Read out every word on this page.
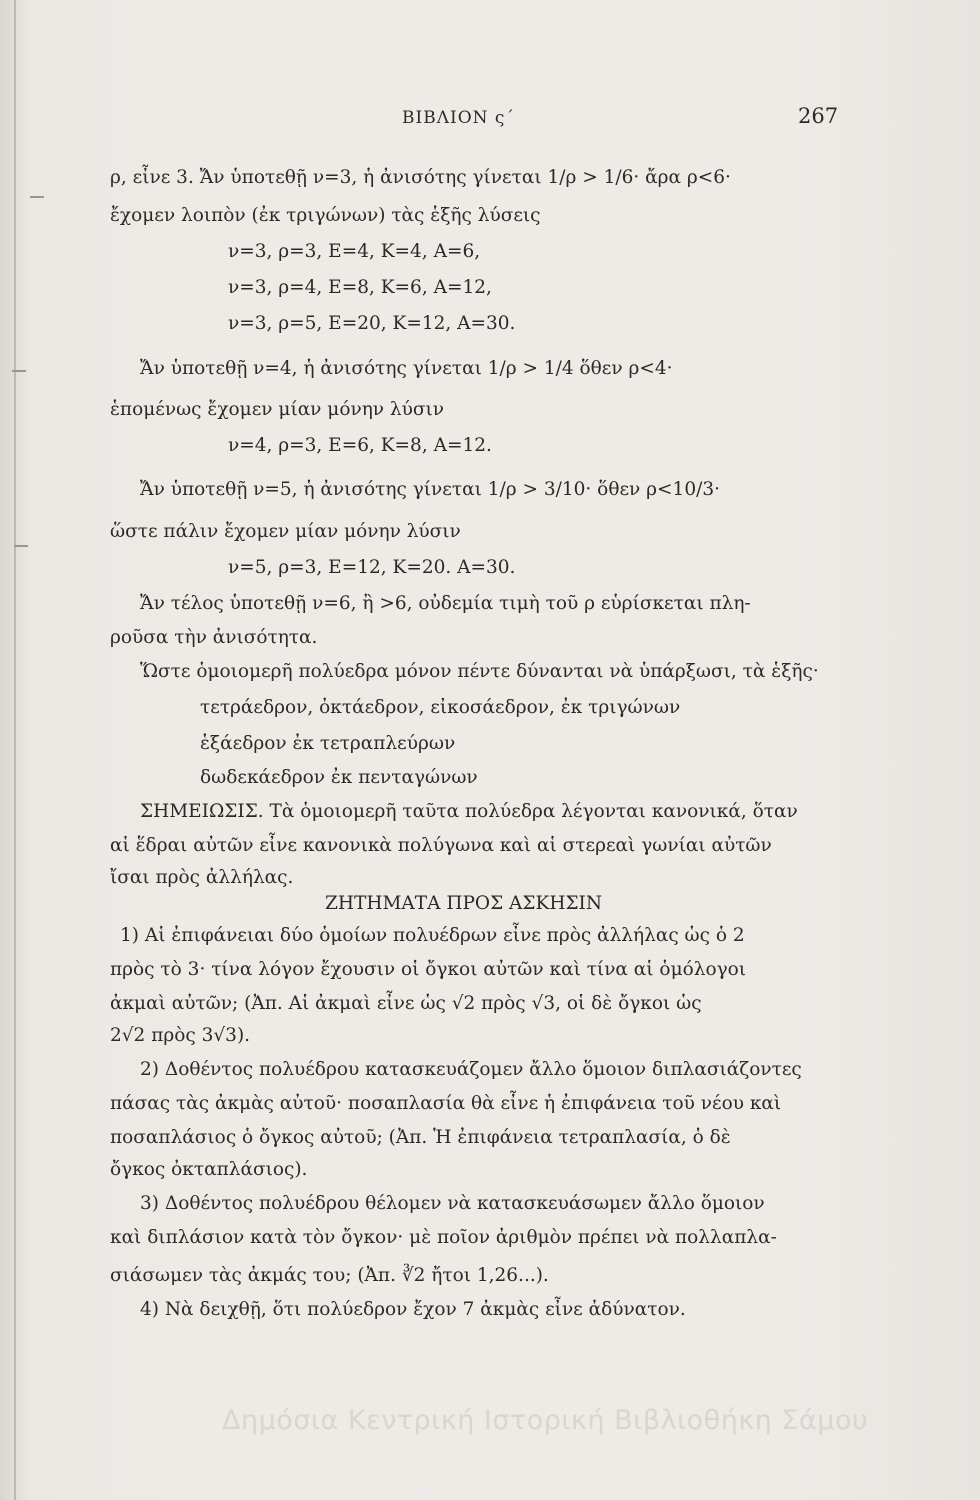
ΒΙΒΛΙΟΝ ς΄	267
ρ, εἶνε 3. Ἄν ὑποτεθῇ ν=3, ἡ ἀνισότης γίνεται 1/ρ > 1/6· ἄρα ρ<6·
ἔχομεν λοιπὸν (ἐκ τριγώνων) τὰς ἑξῆς λύσεις
ν=3, ρ=3, Ε=4, Κ=4, Α=6,
ν=3, ρ=4, Ε=8, Κ=6, Α=12,
ν=3, ρ=5, Ε=20, Κ=12, Α=30.
Ἄν ὑποτεθῇ ν=4, ἡ ἀνισότης γίνεται 1/ρ > 1/4 ὅθεν ρ<4·
ἑπομένως ἔχομεν μίαν μόνην λύσιν
ν=4, ρ=3, Ε=6, Κ=8, Α=12.
Ἄν ὑποτεθῇ ν=5, ἡ ἀνισότης γίνεται 1/ρ > 3/10· ὅθεν ρ<10/3·
ὥστε πάλιν ἔχομεν μίαν μόνην λύσιν
ν=5, ρ=3, Ε=12, Κ=20. Α=30.
Ἄν τέλος ὑποτεθῇ ν=6, ἢ >6, οὐδεμία τιμὴ τοῦ ρ εὑρίσκεται πλη-
ροῦσα τὴν ἀνισότητα.
Ὥστε ὁμοιομερῆ πολύεδρα μόνον πέντε δύνανται νὰ ὑπάρξωσι, τὰ ἑξῆς·
τετράεδρον, ὀκτάεδρον, εἰκοσάεδρον, ἐκ τριγώνων
ἑξάεδρον ἐκ τετραπλεύρων
δωδεκάεδρον ἐκ πενταγώνων
ΣΗΜΕΙΩΣΙΣ. Τὰ ὁμοιομερῆ ταῦτα πολύεδρα λέγονται κανονικά, ὅταν
αἱ ἕδραι αὐτῶν εἶνε κανονικὰ πολύγωνα καὶ αἱ στερεαὶ γωνίαι αὐτῶν
ἴσαι πρὸς ἀλλήλας.
ΖΗΤΗΜΑΤΑ ΠΡΟΣ ΑΣΚΗΣΙΝ
1) Αἱ ἐπιφάνειαι δύο ὁμοίων πολυέδρων εἶνε πρὸς ἀλλήλας ὡς ὁ 2
πρὸς τὸ 3· τίνα λόγον ἔχουσιν οἱ ὄγκοι αὐτῶν καὶ τίνα αἱ ὁμόλογοι
ἀκμαὶ αὐτῶν; (Ἀπ. Αἱ ἀκμαὶ εἶνε ὡς √2 πρὸς √3, οἱ δὲ ὄγκοι ὡς
2√2 πρὸς 3√3).
2) Δοθέντος πολυέδρου κατασκευάζομεν ἄλλο ὅμοιον διπλασιάζοντες
πάσας τὰς ἀκμὰς αὐτοῦ· ποσαπλασία θὰ εἶνε ἡ ἐπιφάνεια τοῦ νέου καὶ
ποσαπλάσιος ὁ ὄγκος αὐτοῦ; (Ἀπ. Ἡ ἐπιφάνεια τετραπλασία, ὁ δὲ
ὄγκος ὀκταπλάσιος).
3) Δοθέντος πολυέδρου θέλομεν νὰ κατασκευάσωμεν ἄλλο ὅμοιον
καὶ διπλάσιον κατὰ τὸν ὄγκον· μὲ ποῖον ἀριθμὸν πρέπει νὰ πολλαπλα-
σιάσωμεν τὰς ἀκμάς του; (Ἀπ. ∛2 ἤτοι 1,26...).
4) Νὰ δειχθῇ, ὅτι πολύεδρον ἔχον 7 ἀκμὰς εἶνε ἀδύνατον.
Δημόσια Κεντρική Ιστορική Βιβλιοθήκη Σάμου
